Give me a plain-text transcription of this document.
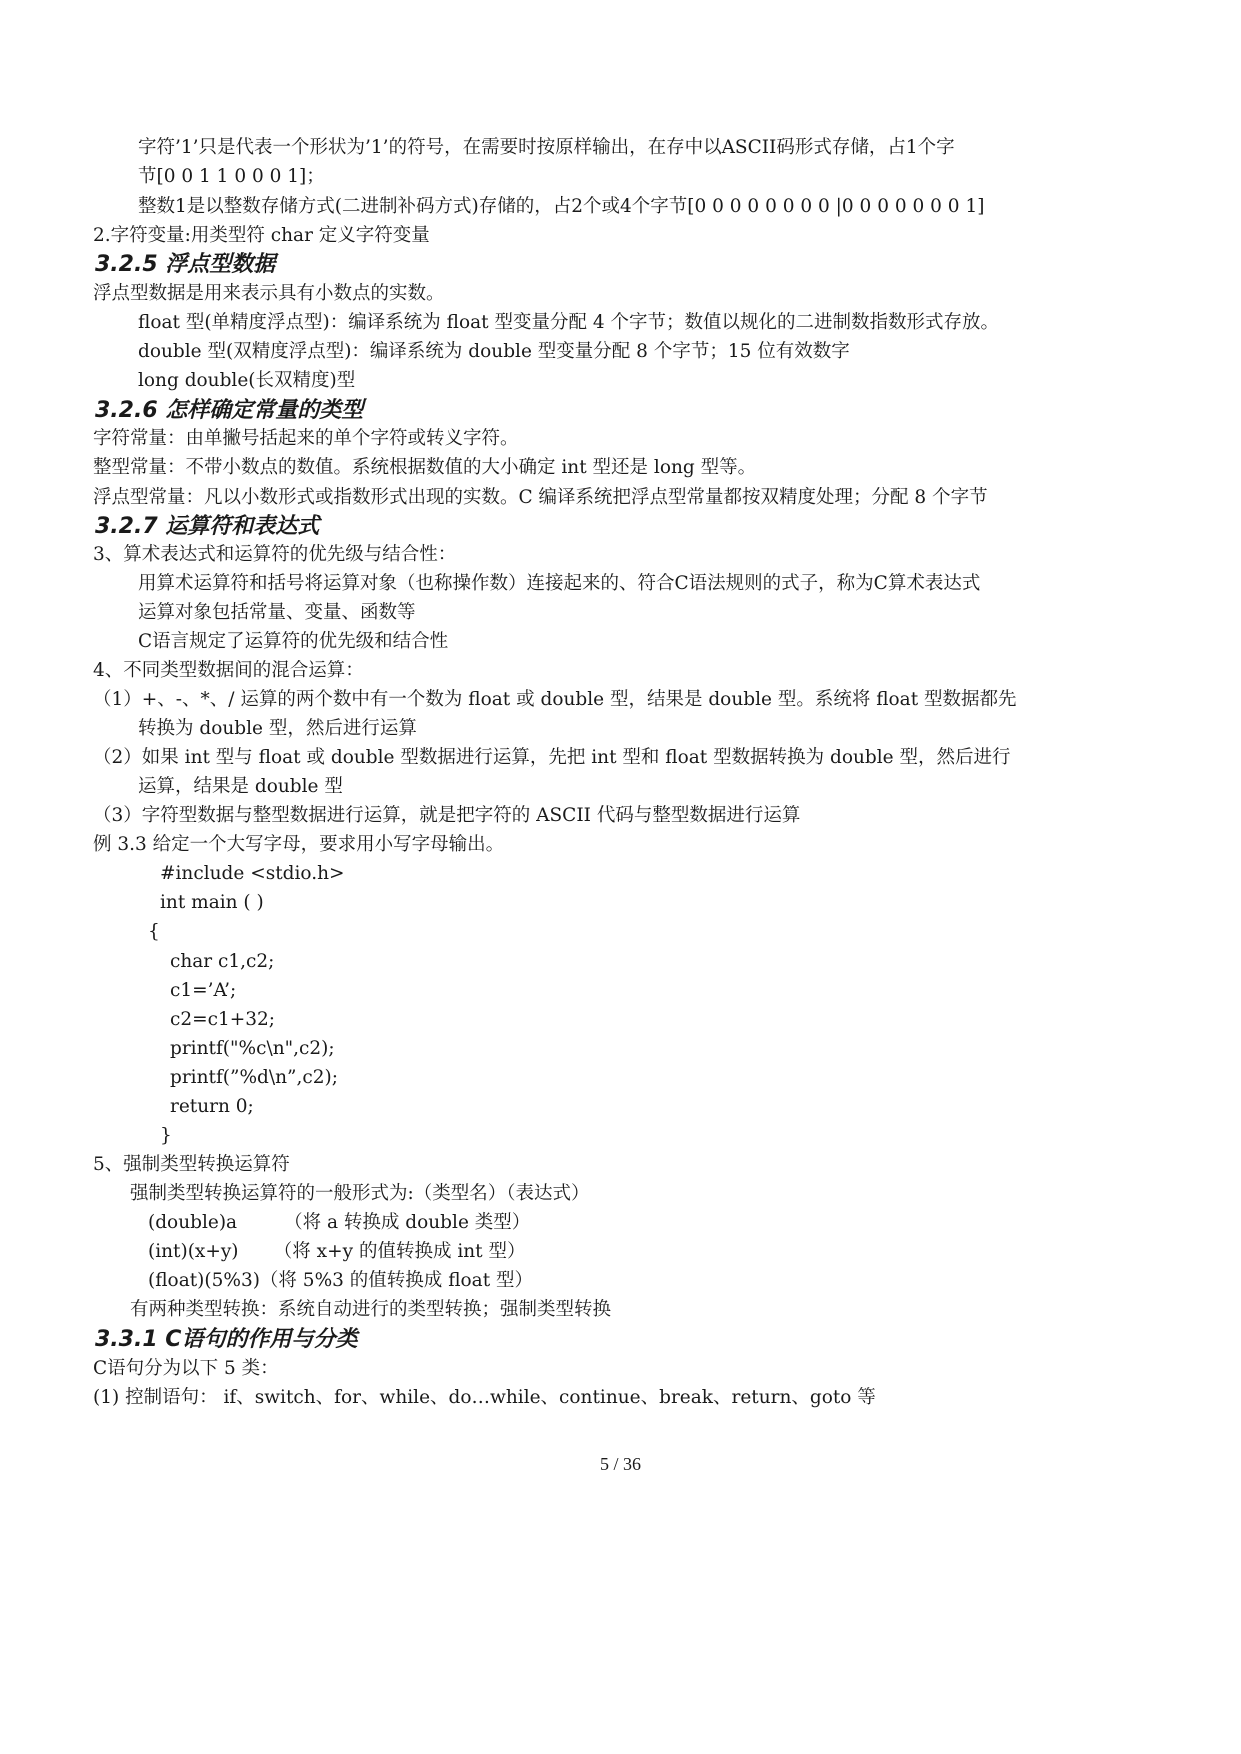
字符’1’只是代表一个形状为’1’的符号，在需要时按原样输出，在存中以ASCII码形式存储，占1个字
节[0 0 1 1 0 0 0 1]；
整数1是以整数存储方式(二进制补码方式)存储的，占2个或4个字节[0 0 0 0 0 0 0 0 |0 0 0 0 0 0 0 1]
2.字符变量:用类型符 char 定义字符变量
3.2.5 浮点型数据
浮点型数据是用来表示具有小数点的实数。
float 型(单精度浮点型)：编译系统为 float 型变量分配 4 个字节；数值以规化的二进制数指数形式存放。
double 型(双精度浮点型)：编译系统为 double 型变量分配 8 个字节；15 位有效数字
long double(长双精度)型
3.2.6 怎样确定常量的类型
字符常量：由单撇号括起来的单个字符或转义字符。
整型常量：不带小数点的数值。系统根据数值的大小确定 int 型还是 long 型等。
浮点型常量：凡以小数形式或指数形式出现的实数。C 编译系统把浮点型常量都按双精度处理；分配 8 个字节
3.2.7 运算符和表达式
3、算术表达式和运算符的优先级与结合性：
用算术运算符和括号将运算对象（也称操作数）连接起来的、符合C语法规则的式子，称为C算术表达式
运算对象包括常量、变量、函数等
C语言规定了运算符的优先级和结合性
4、不同类型数据间的混合运算：
（1）+、-、*、/ 运算的两个数中有一个数为 float 或 double 型，结果是 double 型。系统将 float 型数据都先
转换为 double 型，然后进行运算
（2）如果 int 型与 float 或 double 型数据进行运算，先把 int 型和 float 型数据转换为 double 型，然后进行
运算，结果是 double 型
（3）字符型数据与整型数据进行运算，就是把字符的 ASCII 代码与整型数据进行运算
例 3.3 给定一个大写字母，要求用小写字母输出。
#include <stdio.h>
int main ( )
{
char c1,c2;
c1=’A’;
c2=c1+32;
printf("%c\n",c2);
printf(”%d\n”,c2);
return 0;
}
5、强制类型转换运算符
强制类型转换运算符的一般形式为:（类型名）（表达式）
(double)a        （将 a 转换成 double 类型）
(int)(x+y)      （将 x+y 的值转换成 int 型）
(float)(5%3)（将 5%3 的值转换成 float 型）
有两种类型转换：系统自动进行的类型转换；强制类型转换
3.3.1 C语句的作用与分类
C语句分为以下 5 类：
(1) 控制语句： if、switch、for、while、do…while、continue、break、return、goto 等
5 / 36
